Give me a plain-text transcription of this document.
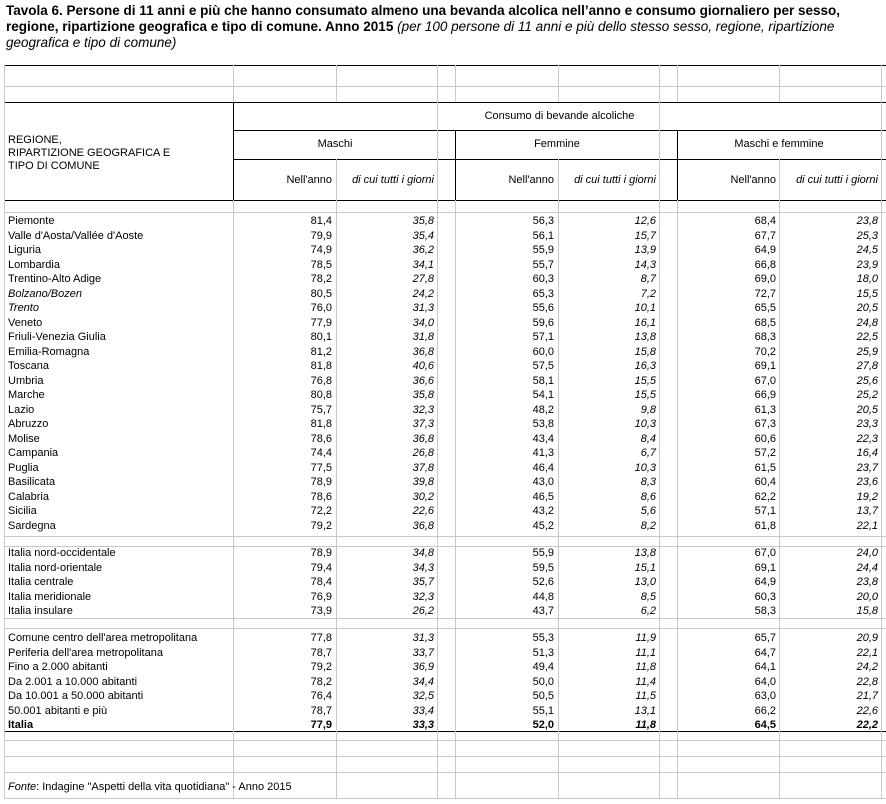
Tavola 6. Persone di 11 anni e più che hanno consumato almeno una bevanda alcolica nell’anno e consumo giornaliero per sesso, regione, ripartizione geografica e tipo di comune. Anno 2015 (per 100 persone di 11 anni e più dello stesso sesso, regione, ripartizione geografica e tipo di comune)
REGIONE,
RIPARTIZIONE GEOGRAFICA E
TIPO DI COMUNE
Consumo di bevande alcoliche
Maschi	Femmine	Maschi e femmine
Nell'anno	di cui tutti i giorni	Nell'anno	di cui tutti i giorni	Nell'anno	di cui tutti i giorni
Piemonte	81,4	35,8	56,3	12,6	68,4	23,8
Valle d'Aosta/Vallée d'Aoste	79,9	35,4	56,1	15,7	67,7	25,3
Liguria	74,9	36,2	55,9	13,9	64,9	24,5
Lombardia	78,5	34,1	55,7	14,3	66,8	23,9
Trentino-Alto Adige	78,2	27,8	60,3	8,7	69,0	18,0
Bolzano/Bozen	80,5	24,2	65,3	7,2	72,7	15,5
Trento	76,0	31,3	55,6	10,1	65,5	20,5
Veneto	77,9	34,0	59,6	16,1	68,5	24,8
Friuli-Venezia Giulia	80,1	31,8	57,1	13,8	68,3	22,5
Emilia-Romagna	81,2	36,8	60,0	15,8	70,2	25,9
Toscana	81,8	40,6	57,5	16,3	69,1	27,8
Umbria	76,8	36,6	58,1	15,5	67,0	25,6
Marche	80,8	35,8	54,1	15,5	66,9	25,2
Lazio	75,7	32,3	48,2	9,8	61,3	20,5
Abruzzo	81,8	37,3	53,8	10,3	67,3	23,3
Molise	78,6	36,8	43,4	8,4	60,6	22,3
Campania	74,4	26,8	41,3	6,7	57,2	16,4
Puglia	77,5	37,8	46,4	10,3	61,5	23,7
Basilicata	78,9	39,8	43,0	8,3	60,4	23,6
Calabria	78,6	30,2	46,5	8,6	62,2	19,2
Sicilia	72,2	22,6	43,2	5,6	57,1	13,7
Sardegna	79,2	36,8	45,2	8,2	61,8	22,1
Italia nord-occidentale	78,9	34,8	55,9	13,8	67,0	24,0
Italia nord-orientale	79,4	34,3	59,5	15,1	69,1	24,4
Italia centrale	78,4	35,7	52,6	13,0	64,9	23,8
Italia meridionale	76,9	32,3	44,8	8,5	60,3	20,0
Italia insulare	73,9	26,2	43,7	6,2	58,3	15,8
Comune centro dell'area metropolitana	77,8	31,3	55,3	11,9	65,7	20,9
Periferia dell'area metropolitana	78,7	33,7	51,3	11,1	64,7	22,1
Fino a 2.000 abitanti	79,2	36,9	49,4	11,8	64,1	24,2
Da 2.001 a 10.000 abitanti	78,2	34,4	50,0	11,4	64,0	22,8
Da 10.001 a 50.000 abitanti	76,4	32,5	50,5	11,5	63,0	21,7
50.001 abitanti e più	78,7	33,4	55,1	13,1	66,2	22,6
Italia	77,9	33,3	52,0	11,8	64,5	22,2
Fonte: Indagine "Aspetti della vita quotidiana" - Anno 2015
